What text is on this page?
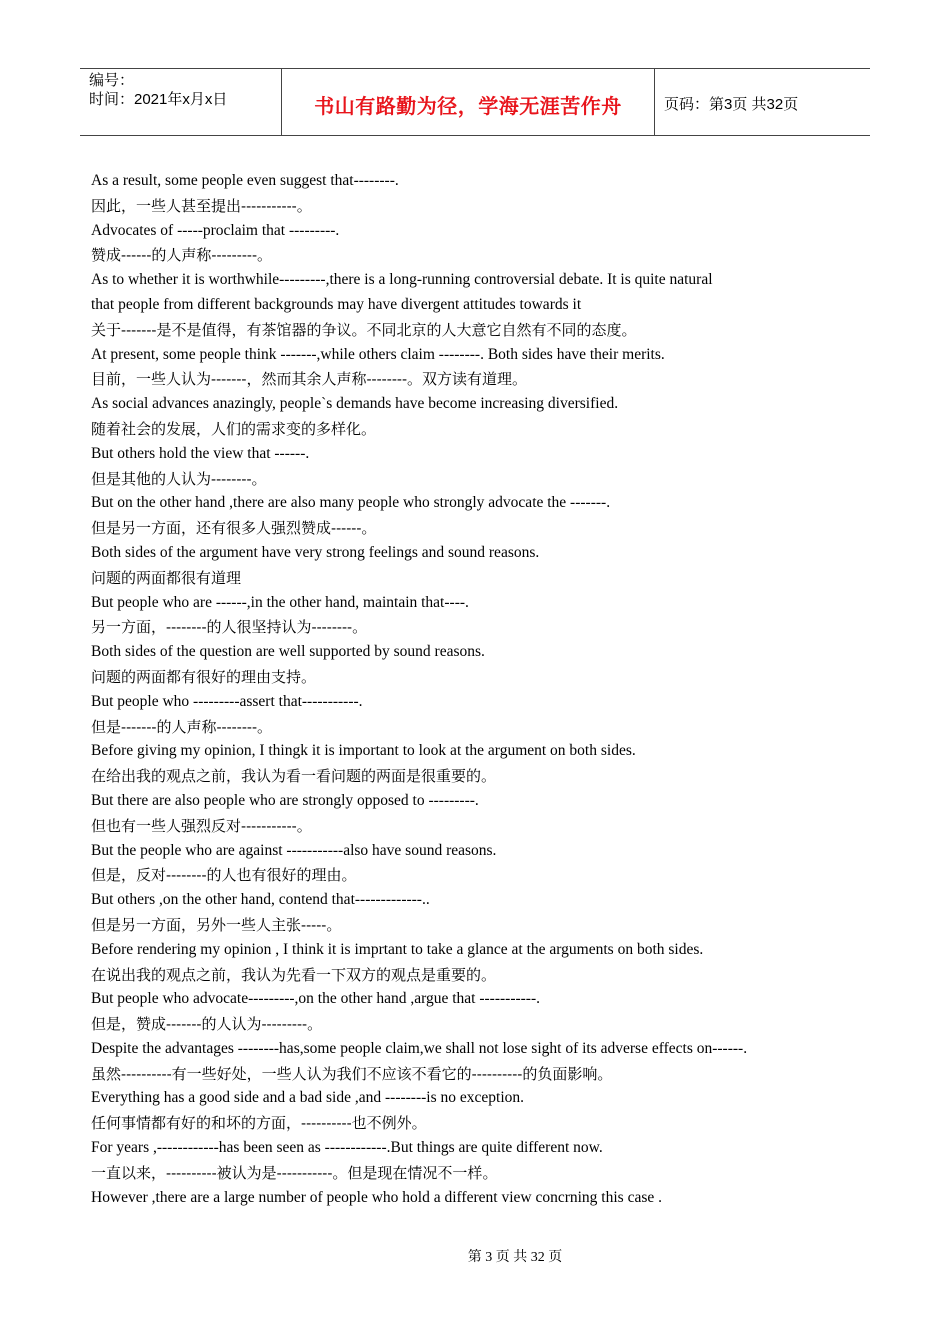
编号：
时间：2021年x月x日	书山有路勤为径，学海无涯苦作舟	页码：第3页 共32页
As a result, some people even suggest that--------.
因此，一些人甚至提出-----------。
Advocates of -----proclaim that ---------.
赞成------的人声称---------。
As to whether it is worthwhile---------,there is a long-running controversial debate. It is quite natural that people from different backgrounds may have divergent attitudes towards it
关于-------是不是值得，有茶馆器的争议。不同北京的人大意它自然有不同的态度。
At present, some people think -------,while others claim --------. Both sides have their merits.
目前，一些人认为-------，然而其余人声称--------。双方读有道理。
As social advances anazingly, people`s demands have become increasing diversified.
随着社会的发展，人们的需求变的多样化。
But others hold the view that ------.
但是其他的人认为--------。
But on the other hand ,there are also many people who strongly advocate the -------.
但是另一方面，还有很多人强烈赞成------。
Both sides of the argument have very strong feelings and sound reasons.
问题的两面都很有道理
But people who are ------,in the other hand, maintain that----.
另一方面，--------的人很坚持认为--------。
Both sides of the question are well supported by sound reasons.
问题的两面都有很好的理由支持。
But people who ---------assert that-----------.
但是-------的人声称--------。
Before giving my opinion, I thingk it is important to look at the argument on both sides.
在给出我的观点之前，我认为看一看问题的两面是很重要的。
But there are also people who are strongly opposed to ---------.
但也有一些人强烈反对-----------。
But the people who are against -----------also have sound reasons.
但是，反对--------的人也有很好的理由。
But others ,on the other hand, contend that-------------..
但是另一方面，另外一些人主张-----。
Before rendering my opinion , I think it is imprtant to take a glance at the arguments on both sides.
在说出我的观点之前，我认为先看一下双方的观点是重要的。
But people who advocate---------,on the other hand ,argue that -----------.
但是，赞成-------的人认为---------。
Despite the advantages --------has,some people claim,we shall not lose sight of its adverse effects on------.
虽然----------有一些好处，一些人认为我们不应该不看它的----------的负面影响。
Everything has a good side and a bad side ,and --------is no exception.
任何事情都有好的和坏的方面，----------也不例外。
For years ,------------has been seen as ------------.But things are quite different now.
一直以来，----------被认为是-----------。但是现在情况不一样。
However ,there are a large number of people who hold a different view concrning this case .
第 3 页 共 32 页
